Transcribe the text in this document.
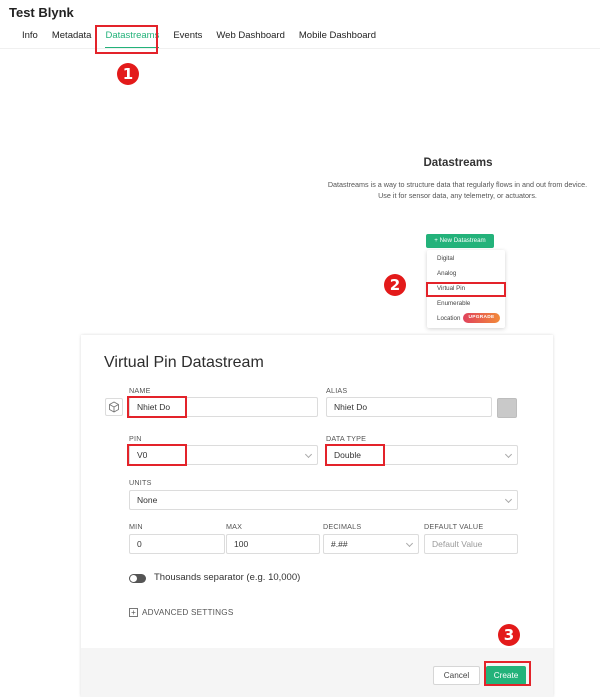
Test Blynk
Info Metadata Datastreams Events Web Dashboard Mobile Dashboard
1
Datastreams
Datastreams is a way to structure data that regularly flows in and out from device.
Use it for sensor data, any telemetry, or actuators.
+ New Datastream
Digital
Analog
Virtual Pin
Enumerable
Location	UPGRADE
2
Virtual Pin Datastream
NAME
Nhiet Do
ALIAS
Nhiet Do
PIN
V0
DATA TYPE
Double
UNITS
None
MIN
0
MAX
100
DECIMALS
#.##
DEFAULT VALUE
Default Value
Thousands separator (e.g. 10,000)
+ ADVANCED SETTINGS
Cancel	Create
3
